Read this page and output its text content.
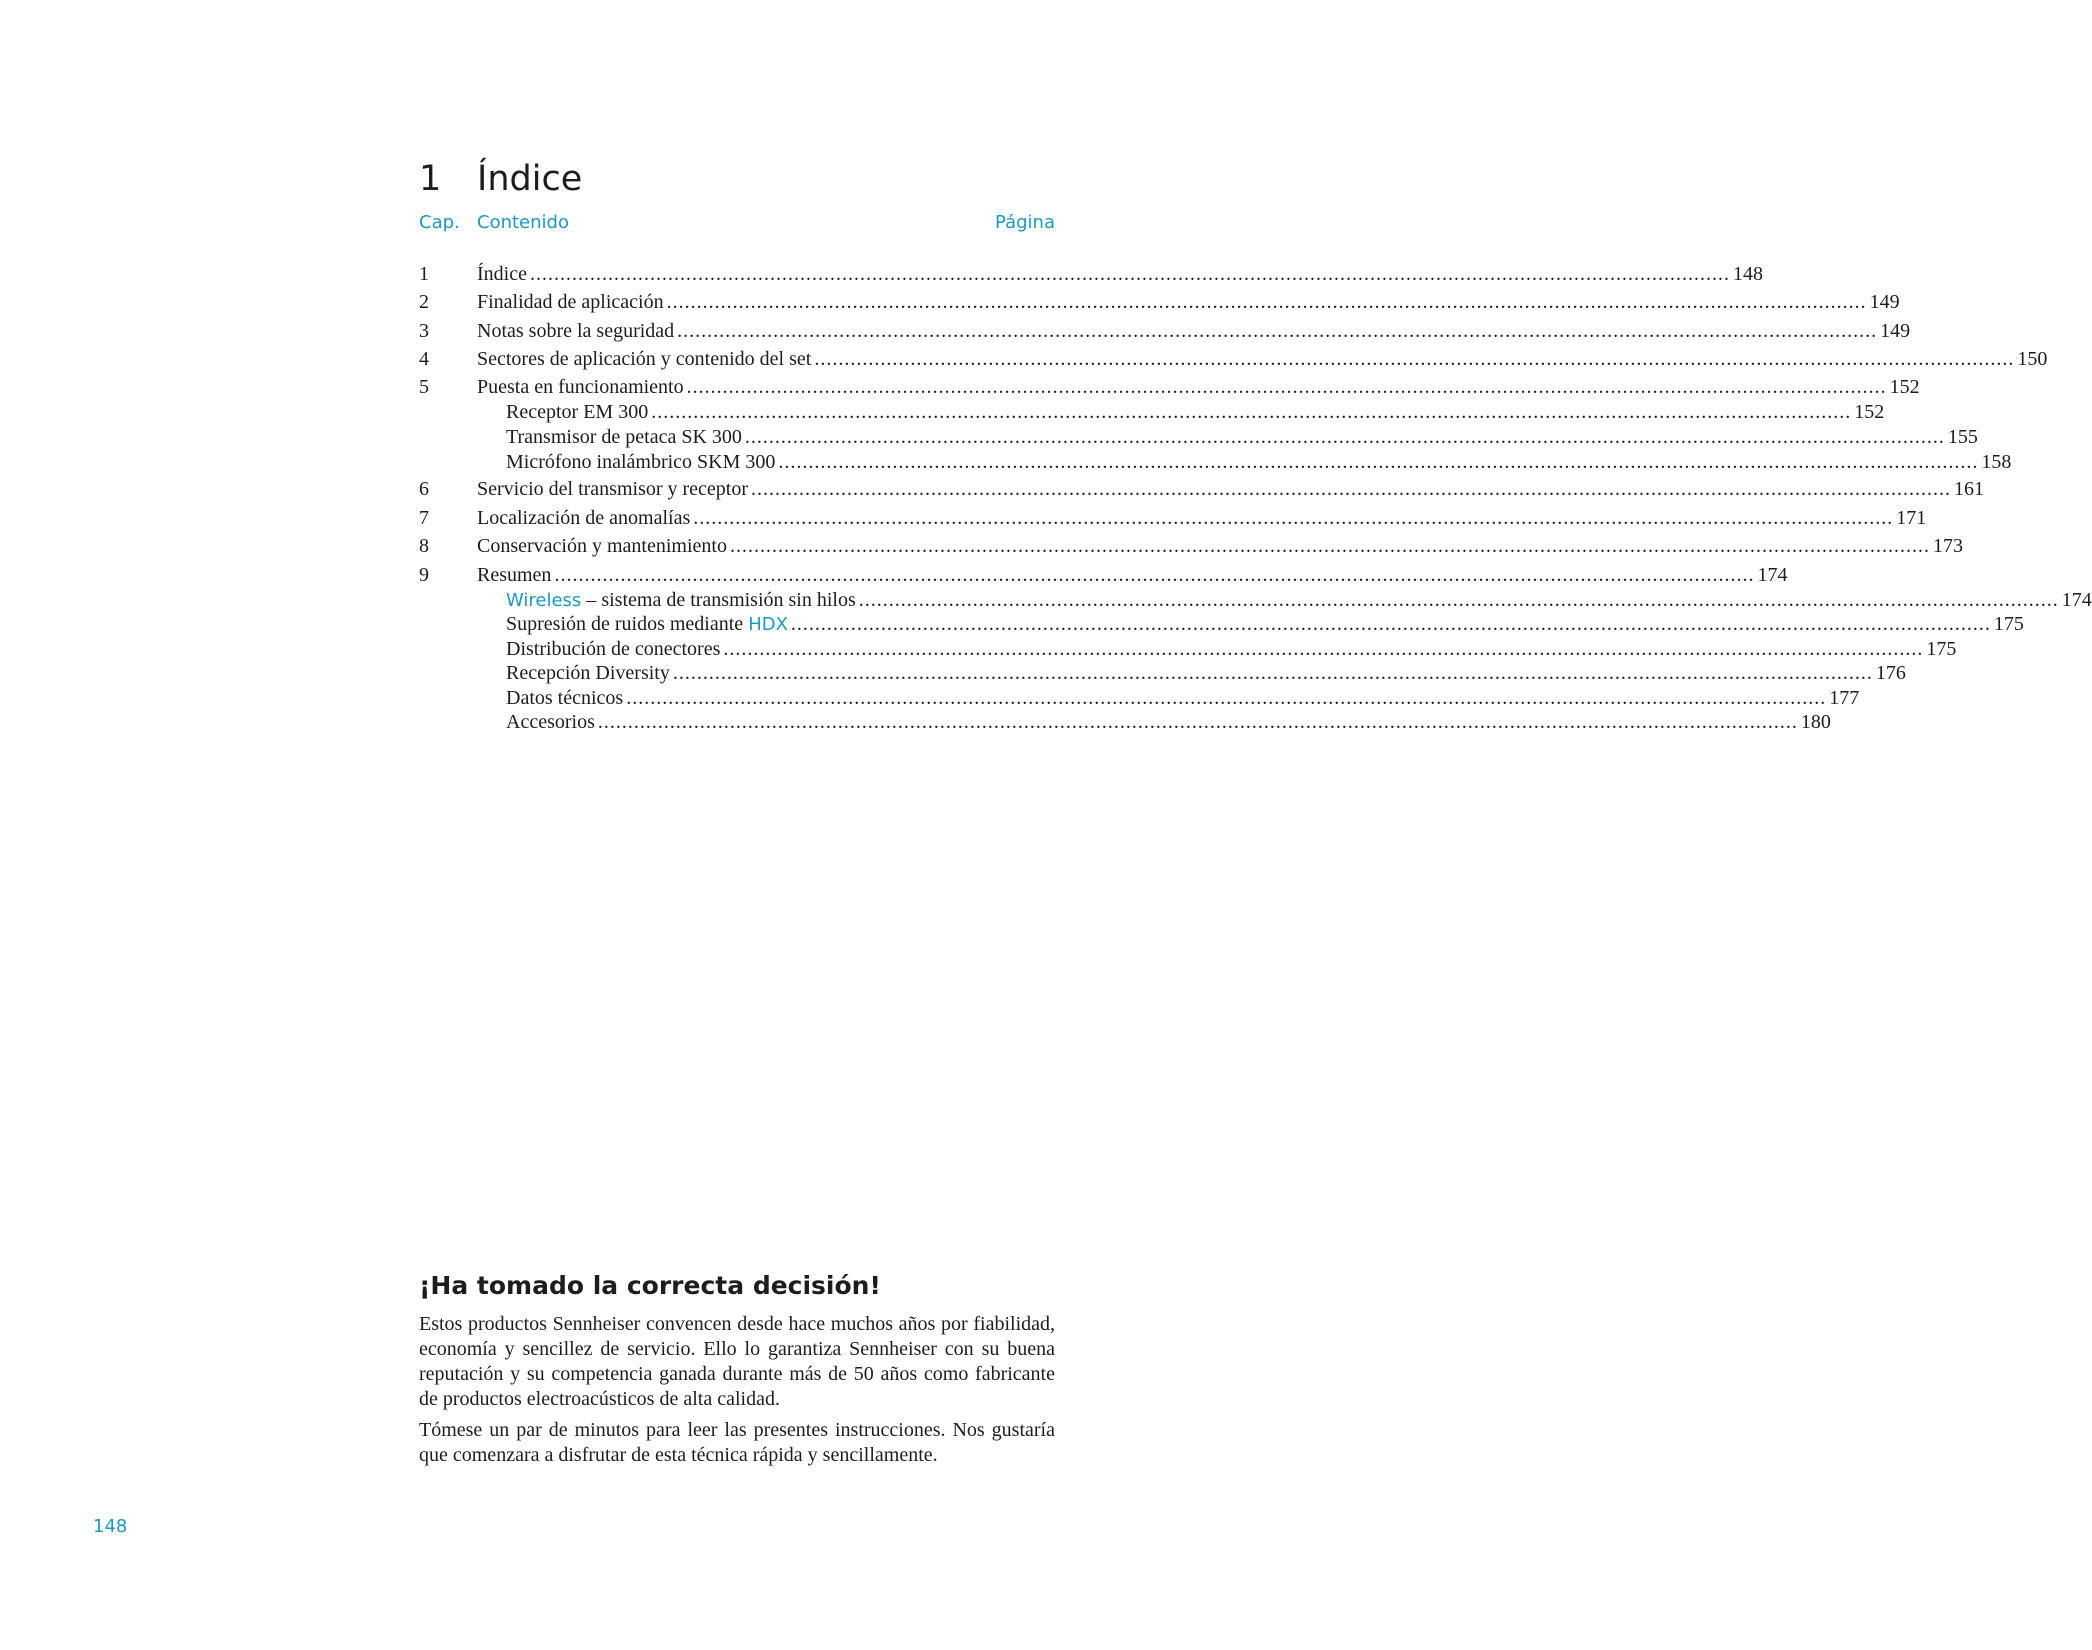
1 Índice
Cap. Contenido	Página
1 Índice ........................................................................................................................................................................................................ 148
2 Finalidad de aplicación ........................................................................................................................................................................................................ 149
3 Notas sobre la seguridad ........................................................................................................................................................................................................ 149
4 Sectores de aplicación y contenido del set ........................................................................................................................................................................................................ 150
5 Puesta en funcionamiento ........................................................................................................................................................................................................ 152
Receptor EM 300 ........................................................................................................................................................................................................ 152
Transmisor de petaca SK 300 ........................................................................................................................................................................................................ 155
Micrófono inalámbrico SKM 300 ........................................................................................................................................................................................................ 158
6 Servicio del transmisor y receptor ........................................................................................................................................................................................................ 161
7 Localización de anomalías ........................................................................................................................................................................................................ 171
8 Conservación y mantenimiento ........................................................................................................................................................................................................ 173
9 Resumen ........................................................................................................................................................................................................ 174
Wireless – sistema de transmisión sin hilos ........................................................................................................................................................................................................ 174
Supresión de ruidos mediante HDX ........................................................................................................................................................................................................ 175
Distribución de conectores ........................................................................................................................................................................................................ 175
Recepción Diversity ........................................................................................................................................................................................................ 176
Datos técnicos ........................................................................................................................................................................................................ 177
Accesorios ........................................................................................................................................................................................................ 180
¡Ha tomado la correcta decisión!

Estos productos Sennheiser convencen desde hace muchos años por fiabilidad, economía y sencillez de servicio. Ello lo garantiza Sennheiser con su buena reputación y su competencia ganada durante más de 50 años como fabricante de productos electroacústicos de alta calidad.

Tómese un par de minutos para leer las presentes instrucciones. Nos gustaría que comenzara a disfrutar de esta técnica rápida y sencillamente.

148
